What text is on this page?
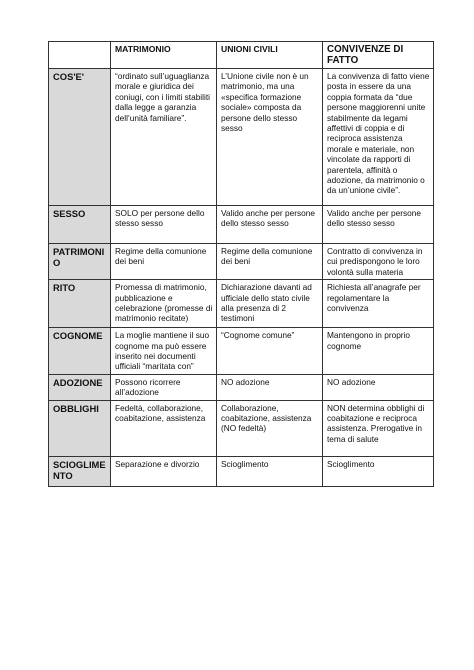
	MATRIMONIO	UNIONI CIVILI	CONVIVENZE DI FATTO
COS'E'	“ordinato sull’uguaglianza morale e giuridica dei coniugi, con i limiti stabiliti dalla legge a garanzia dell’unità familiare”.	L’Unione civile non è un matrimonio, ma una «specifica formazione sociale» composta da persone dello stesso sesso	La convivenza di fatto viene posta in essere da una coppia formata da “due persone maggiorenni unite stabilmente da legami affettivi di coppia e di reciproca assistenza morale e materiale, non vincolate da rapporti di parentela, affinità o adozione, da matrimonio o da un’unione civile”.
SESSO	SOLO per persone dello stesso sesso	Valido anche per persone dello stesso sesso	Valido anche per persone dello stesso sesso
PATRIMONIO	Regime della comunione dei beni	Regime della comunione dei beni	Contratto di convivenza in cui predispongono le loro volontà sulla materia
RITO	Promessa di matrimonio, pubblicazione e celebrazione (promesse di matrimonio recitate)	Dichiarazione davanti ad ufficiale dello stato civile alla presenza di 2 testimoni	Richiesta all’anagrafe per regolamentare la convivenza
COGNOME	La moglie mantiene il suo cognome ma può essere inserito nei documenti ufficiali “maritata con”	“Cognome comune”	Mantengono in proprio cognome
ADOZIONE	Possono ricorrere all’adozione	NO adozione	NO adozione
OBBLIGHI	Fedeltà, collaborazione, coabitazione, assistenza	Collaborazione, coabitazione, assistenza (NO fedeltà)	NON determina obblighi di coabitazione e reciproca assistenza. Prerogative in tema di salute
SCIOGLIMENTO	Separazione e divorzio	Scioglimento	Scioglimento
